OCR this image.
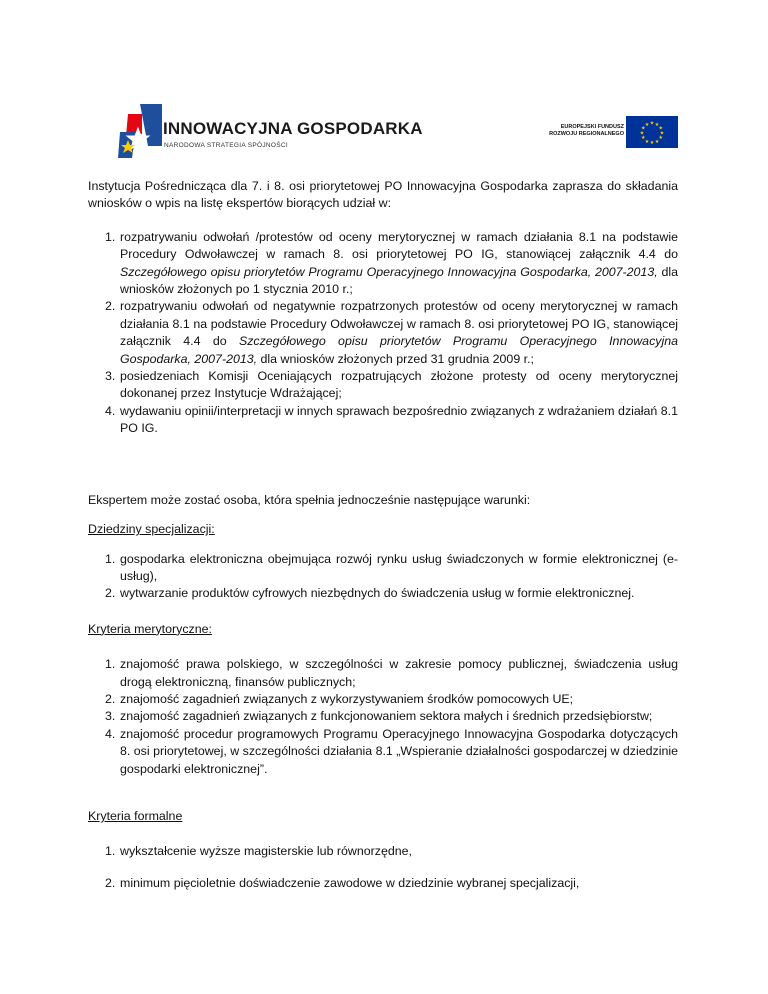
INNOWACYJNA GOSPODARKA
NARODOWA STRATEGIA SPÓJNOŚCI
EUROPEJSKI FUNDUSZ
ROZWOJU REGIONALNEGO
★ ★
★
★
★
★
★
★
★
★
★
★

Instytucja Pośrednicząca dla 7. i 8. osi priorytetowej PO Innowacyjna Gospodarka zaprasza do składania wniosków o wpis na listę ekspertów biorących udział w:

1. rozpatrywaniu odwołań /protestów od oceny merytorycznej w ramach działania 8.1 na podstawie Procedury Odwoławczej w ramach 8. osi priorytetowej PO IG, stanowiącej załącznik 4.4 do Szczegółowego opisu priorytetów Programu Operacyjnego Innowacyjna Gospodarka, 2007-2013, dla wniosków złożonych po 1 stycznia 2010 r.;
2. rozpatrywaniu odwołań od negatywnie rozpatrzonych protestów od oceny merytorycznej w ramach działania 8.1 na podstawie Procedury Odwoławczej w ramach 8. osi priorytetowej PO IG, stanowiącej załącznik 4.4 do Szczegółowego opisu priorytetów Programu Operacyjnego Innowacyjna Gospodarka, 2007-2013, dla wniosków złożonych przed 31 grudnia 2009 r.;
3. posiedzeniach Komisji Oceniających rozpatrujących złożone protesty od oceny merytorycznej dokonanej przez Instytucje Wdrażającej;
4. wydawaniu opinii/interpretacji w innych sprawach bezpośrednio związanych z wdrażaniem działań 8.1 PO IG.

Ekspertem może zostać osoba, która spełnia jednocześnie następujące warunki:

Dziedziny specjalizacji:

1. gospodarka elektroniczna obejmująca rozwój rynku usług świadczonych w formie elektronicznej (e-usług),
2. wytwarzanie produktów cyfrowych niezbędnych do świadczenia usług w formie elektronicznej.

Kryteria merytoryczne:

1. znajomość prawa polskiego, w szczególności w zakresie pomocy publicznej, świadczenia usług drogą elektroniczną, finansów publicznych;
2. znajomość zagadnień związanych z wykorzystywaniem środków pomocowych UE;
3. znajomość zagadnień związanych z funkcjonowaniem sektora małych i średnich przedsiębiorstw;
4. znajomość procedur programowych Programu Operacyjnego Innowacyjna Gospodarka dotyczących 8. osi priorytetowej, w szczególności działania 8.1 „Wspieranie działalności gospodarczej w dziedzinie gospodarki elektronicznej”.

Kryteria formalne

1. wykształcenie wyższe magisterskie lub równorzędne,
2. minimum pięcioletnie doświadczenie zawodowe w dziedzinie wybranej specjalizacji,
